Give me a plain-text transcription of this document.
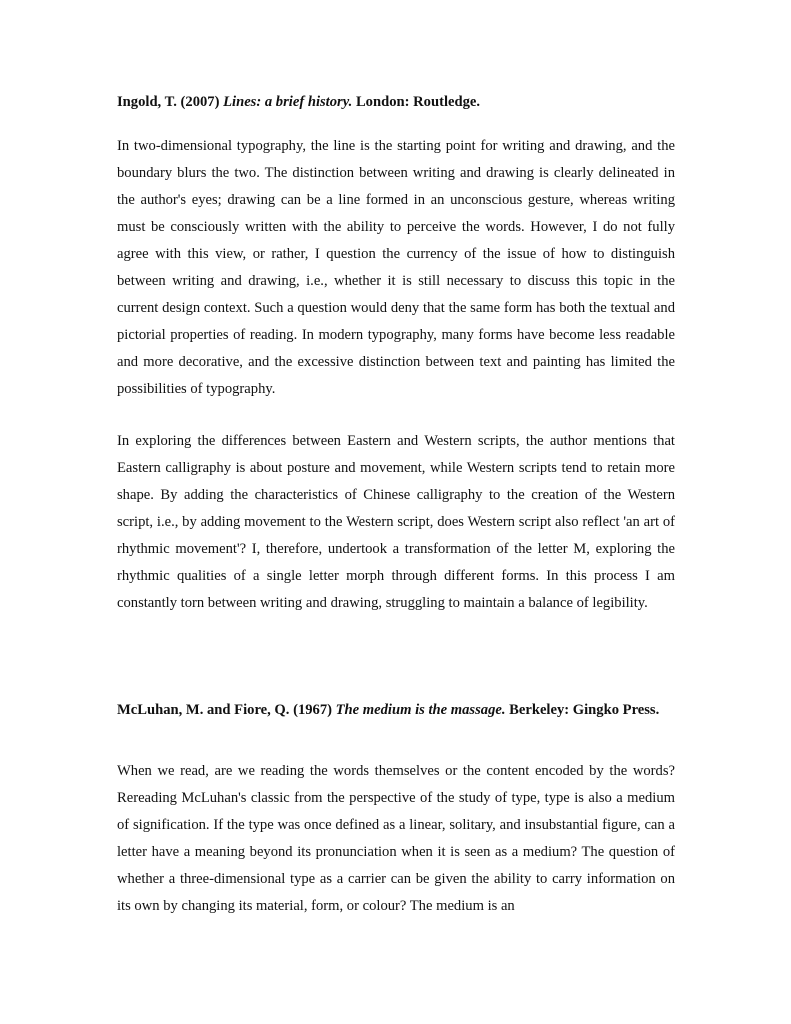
Ingold, T. (2007) Lines: a brief history. London: Routledge.

In two-dimensional typography, the line is the starting point for writing and drawing, and the boundary blurs the two. The distinction between writing and drawing is clearly delineated in the author's eyes; drawing can be a line formed in an unconscious gesture, whereas writing must be consciously written with the ability to perceive the words. However, I do not fully agree with this view, or rather, I question the currency of the issue of how to distinguish between writing and drawing, i.e., whether it is still necessary to discuss this topic in the current design context. Such a question would deny that the same form has both the textual and pictorial properties of reading. In modern typography, many forms have become less readable and more decorative, and the excessive distinction between text and painting has limited the possibilities of typography.

In exploring the differences between Eastern and Western scripts, the author mentions that Eastern calligraphy is about posture and movement, while Western scripts tend to retain more shape. By adding the characteristics of Chinese calligraphy to the creation of the Western script, i.e., by adding movement to the Western script, does Western script also reflect 'an art of rhythmic movement'? I, therefore, undertook a transformation of the letter M, exploring the rhythmic qualities of a single letter morph through different forms. In this process I am constantly torn between writing and drawing, struggling to maintain a balance of legibility.

McLuhan, M. and Fiore, Q. (1967) The medium is the massage. Berkeley: Gingko Press.

When we read, are we reading the words themselves or the content encoded by the words? Rereading McLuhan's classic from the perspective of the study of type, type is also a medium of signification. If the type was once defined as a linear, solitary, and insubstantial figure, can a letter have a meaning beyond its pronunciation when it is seen as a medium? The question of whether a three-dimensional type as a carrier can be given the ability to carry information on its own by changing its material, form, or colour? The medium is an
